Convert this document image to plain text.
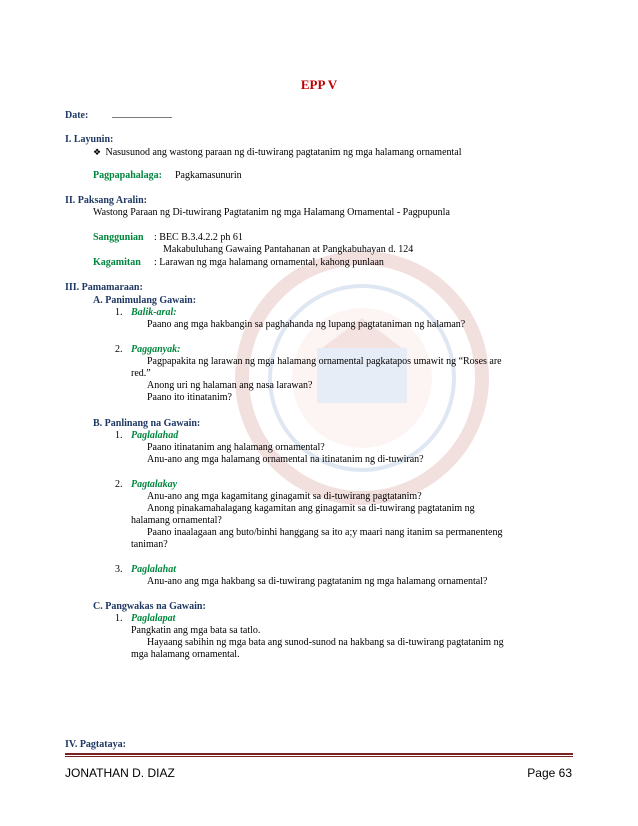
EPP V
Date: ____________
I. Layunin:
❖ Nasusunod ang wastong paraan ng di-tuwirang pagtatanim ng mga halamang ornamental
Pagpapahalaga: Pagkamasunurin
II. Paksang Aralin:
Wastong Paraan ng Di-tuwirang Pagtatanim ng mga Halamang Ornamental - Pagpupunla
Sanggunian : BEC B.3.4.2.2 ph 61
Makabuluhang Gawaing Pantahanan at Pangkabuhayan d. 124
Kagamitan : Larawan ng mga halamang ornamental, kahong punlaan
III. Pamamaraan:
A. Panimulang Gawain:
1. Balik-aral:
Paano ang mga hakbangin sa paghahanda ng lupang pagtataniman ng halaman?
2. Pagganyak:
Pagpapakita ng larawan ng mga halamang ornamental pagkatapos umawit ng “Roses are
red.”
Anong uri ng halaman ang nasa larawan?
Paano ito itinatanim?
B. Panlinang na Gawain:
1. Paglalahad
Paano itinatanim ang halamang ornamental?
Anu-ano ang mga halamang ornamental na itinatanim ng di-tuwiran?
2. Pagtalakay
Anu-ano ang mga kagamitang ginagamit sa di-tuwirang pagtatanim?
Anong pinakamahalagang kagamitan ang ginagamit sa di-tuwirang pagtatanim ng
halamang ornamental?
Paano inaalagaan ang buto/binhi hanggang sa ito a;y maari nang itanim sa permanenteng
taniman?
3. Paglalahat
Anu-ano ang mga hakbang sa di-tuwirang pagtatanim ng mga halamang ornamental?
C. Pangwakas na Gawain:
1. Paglalapat
Pangkatin ang mga bata sa tatlo.
Hayaang sabihin ng mga bata ang sunod-sunod na hakbang sa di-tuwirang pagtatanim ng
mga halamang ornamental.
IV. Pagtataya:
JONATHAN D. DIAZ	Page 63
